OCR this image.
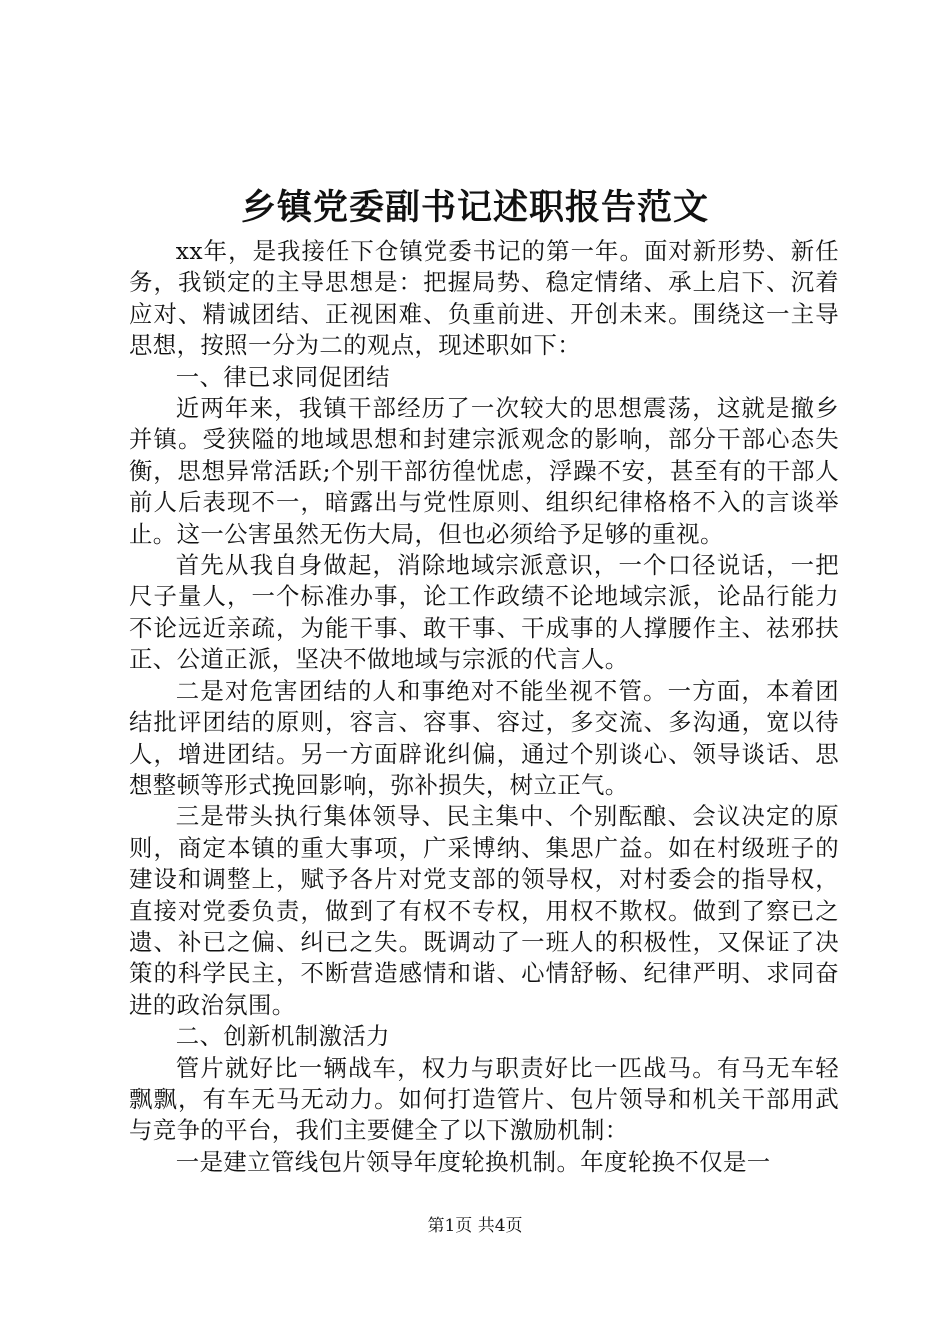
乡镇党委副书记述职报告范文

xx年，是我接任下仓镇党委书记的第一年。面对新形势、新任务，我锁定的主导思想是：把握局势、稳定情绪、承上启下、沉着应对、精诚团结、正视困难、负重前进、开创未来。围绕这一主导思想，按照一分为二的观点，现述职如下：

一、律已求同促团结

近两年来，我镇干部经历了一次较大的思想震荡，这就是撤乡并镇。受狭隘的地域思想和封建宗派观念的影响，部分干部心态失衡，思想异常活跃;个别干部彷徨忧虑，浮躁不安，甚至有的干部人前人后表现不一，暗露出与党性原则、组织纪律格格不入的言谈举止。这一公害虽然无伤大局，但也必须给予足够的重视。

首先从我自身做起，消除地域宗派意识，一个口径说话，一把尺子量人，一个标准办事，论工作政绩不论地域宗派，论品行能力不论远近亲疏，为能干事、敢干事、干成事的人撑腰作主、祛邪扶正、公道正派，坚决不做地域与宗派的代言人。

二是对危害团结的人和事绝对不能坐视不管。一方面，本着团结批评团结的原则，容言、容事、容过，多交流、多沟通，宽以待人，增进团结。另一方面辟讹纠偏，通过个别谈心、领导谈话、思想整顿等形式挽回影响，弥补损失，树立正气。

三是带头执行集体领导、民主集中、个别酝酿、会议决定的原则，商定本镇的重大事项，广采博纳、集思广益。如在村级班子的建设和调整上，赋予各片对党支部的领导权，对村委会的指导权，直接对党委负责，做到了有权不专权，用权不欺权。做到了察已之遗、补已之偏、纠已之失。既调动了一班人的积极性，又保证了决策的科学民主，不断营造感情和谐、心情舒畅、纪律严明、求同奋进的政治氛围。

二、创新机制激活力

管片就好比一辆战车，权力与职责好比一匹战马。有马无车轻飘飘，有车无马无动力。如何打造管片、包片领导和机关干部用武与竞争的平台，我们主要健全了以下激励机制：

一是建立管线包片领导年度轮换机制。年度轮换不仅是一

第1页 共4页
